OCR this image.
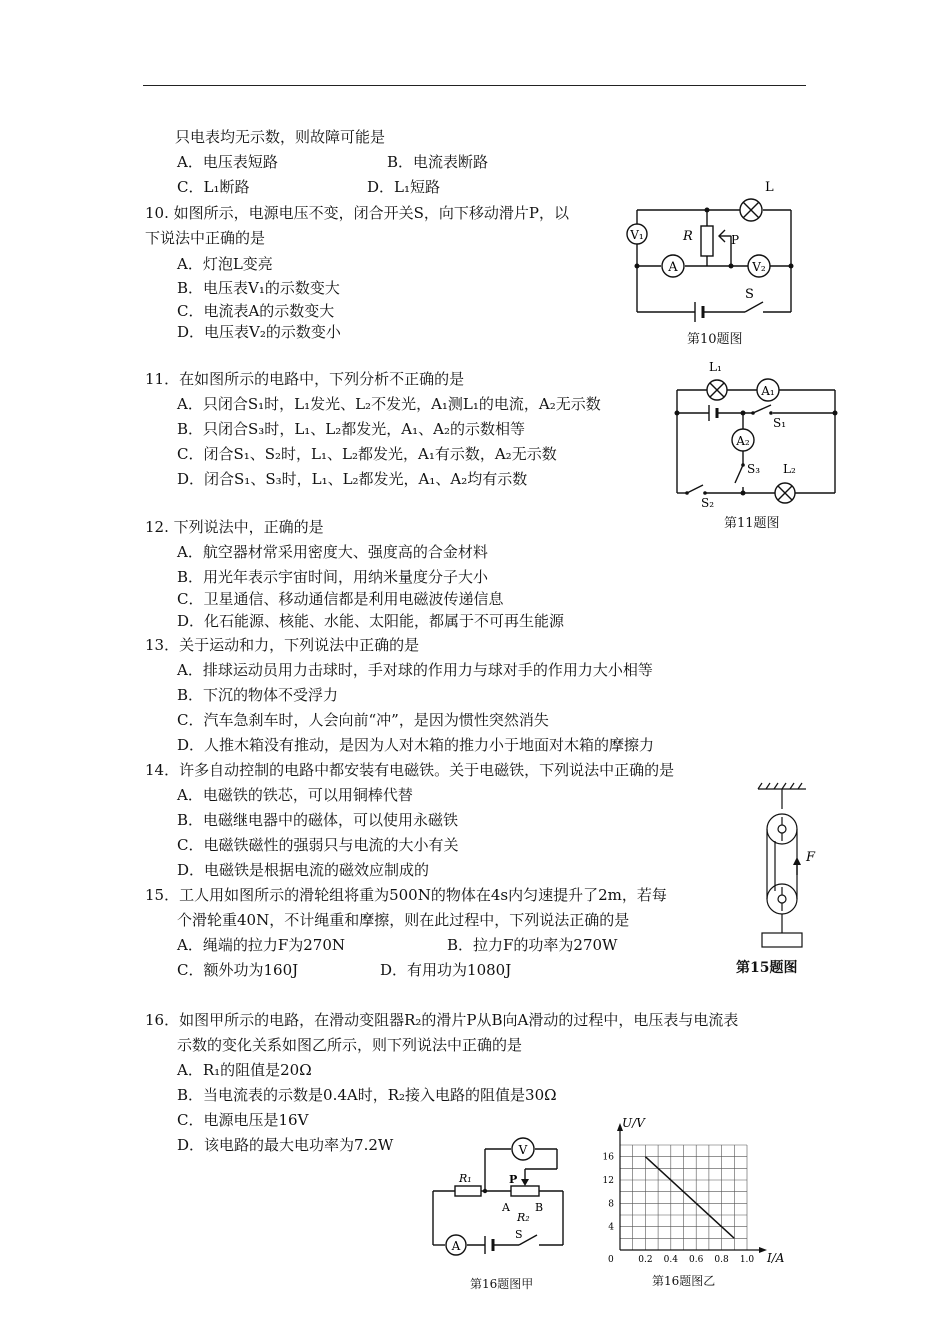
只电表均无示数，则故障可能是
A．电压表短路	B．电流表断路
C．L₁断路	D．L₁短路
10. 如图所示，电源电压不变，闭合开关S，向下移动滑片P，以
下说法中正确的是
A．灯泡L变亮
B．电压表V₁的示数变大
C．电流表A的示数变大
D．电压表V₂的示数变小
L
V₁	R	P
A	V₂
S
第10题图
11．在如图所示的电路中，下列分析不正确的是
A．只闭合S₁时，L₁发光、L₂不发光，A₁测L₁的电流，A₂无示数
B．只闭合S₃时，L₁、L₂都发光，A₁、A₂的示数相等
C．闭合S₁、S₂时，L₁、L₂都发光，A₁有示数，A₂无示数
D．闭合S₁、S₃时，L₁、L₂都发光，A₁、A₂均有示数
L₁
A₁
S₁
A₂
S₃ L₂
S₂
第11题图
12. 下列说法中，正确的是
A．航空器材常采用密度大、强度高的合金材料
B．用光年表示宇宙时间，用纳米量度分子大小
C．卫星通信、移动通信都是利用电磁波传递信息
D．化石能源、核能、水能、太阳能，都属于不可再生能源
13．关于运动和力，下列说法中正确的是
A．排球运动员用力击球时，手对球的作用力与球对手的作用力大小相等
B．下沉的物体不受浮力
C．汽车急刹车时，人会向前“冲”，是因为惯性突然消失
D．人推木箱没有推动，是因为人对木箱的推力小于地面对木箱的摩擦力
14．许多自动控制的电路中都安装有电磁铁。关于电磁铁，下列说法中正确的是
A．电磁铁的铁芯，可以用铜棒代替
B．电磁继电器中的磁体，可以使用永磁铁
C．电磁铁磁性的强弱只与电流的大小有关
D．电磁铁是根据电流的磁效应制成的
F
第15题图
15．工人用如图所示的滑轮组将重为500N的物体在4s内匀速提升了2m，若每
个滑轮重40N，不计绳重和摩擦，则在此过程中，下列说法正确的是
A．绳端的拉力F为270N	B．拉力F的功率为270W
C．额外功为160J	D．有用功为1080J
16．如图甲所示的电路，在滑动变阻器R₂的滑片P从B向A滑动的过程中，电压表与电流表
示数的变化关系如图乙所示，则下列说法中正确的是
A．R₁的阻值是20Ω
B．当电流表的示数是0.4A时，R₂接入电路的阻值是30Ω
C．电源电压是16V
D．该电路的最大电功率为7.2W	V
R₁	P
A B
R₂
A
S
第16题图甲
0.2 0.4 0.6 0.8 1.0
4
8
12
16
0
U/V
I/A
第16题图乙
